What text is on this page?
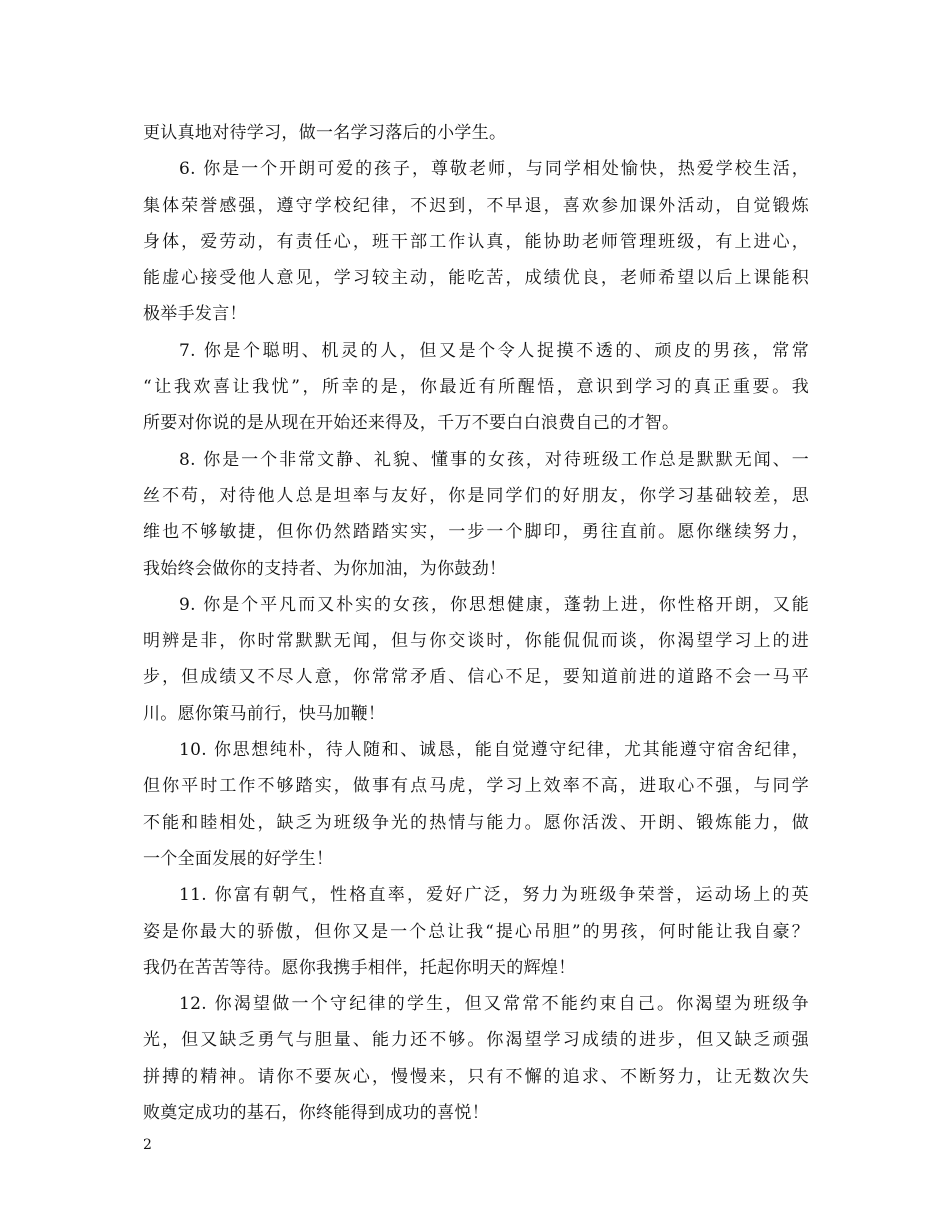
更认真地对待学习，做一名学习落后的小学生。
6. 你是一个开朗可爱的孩子，尊敬老师，与同学相处愉快，热爱学校生活，
集体荣誉感强，遵守学校纪律，不迟到，不早退，喜欢参加课外活动，自觉锻炼
身体，爱劳动，有责任心，班干部工作认真，能协助老师管理班级，有上进心，
能虚心接受他人意见，学习较主动，能吃苦，成绩优良，老师希望以后上课能积
极举手发言！
7. 你是个聪明、机灵的人，但又是个令人捉摸不透的、顽皮的男孩，常常
“让我欢喜让我忧”，所幸的是，你最近有所醒悟，意识到学习的真正重要。我
所要对你说的是从现在开始还来得及，千万不要白白浪费自己的才智。
8. 你是一个非常文静、礼貌、懂事的女孩，对待班级工作总是默默无闻、一
丝不苟，对待他人总是坦率与友好，你是同学们的好朋友，你学习基础较差，思
维也不够敏捷，但你仍然踏踏实实，一步一个脚印，勇往直前。愿你继续努力，
我始终会做你的支持者、为你加油，为你鼓劲！
9. 你是个平凡而又朴实的女孩，你思想健康，蓬勃上进，你性格开朗，又能
明辨是非，你时常默默无闻，但与你交谈时，你能侃侃而谈，你渴望学习上的进
步，但成绩又不尽人意，你常常矛盾、信心不足，要知道前进的道路不会一马平
川。愿你策马前行，快马加鞭！
10. 你思想纯朴，待人随和、诚恳，能自觉遵守纪律，尤其能遵守宿舍纪律，
但你平时工作不够踏实，做事有点马虎，学习上效率不高，进取心不强，与同学
不能和睦相处，缺乏为班级争光的热情与能力。愿你活泼、开朗、锻炼能力，做
一个全面发展的好学生！
11. 你富有朝气，性格直率，爱好广泛，努力为班级争荣誉，运动场上的英
姿是你最大的骄傲，但你又是一个总让我“提心吊胆”的男孩，何时能让我自豪？
我仍在苦苦等待。愿你我携手相伴，托起你明天的辉煌！
12. 你渴望做一个守纪律的学生，但又常常不能约束自己。你渴望为班级争
光，但又缺乏勇气与胆量、能力还不够。你渴望学习成绩的进步，但又缺乏顽强
拼搏的精神。请你不要灰心，慢慢来，只有不懈的追求、不断努力，让无数次失
败奠定成功的基石，你终能得到成功的喜悦！
2
